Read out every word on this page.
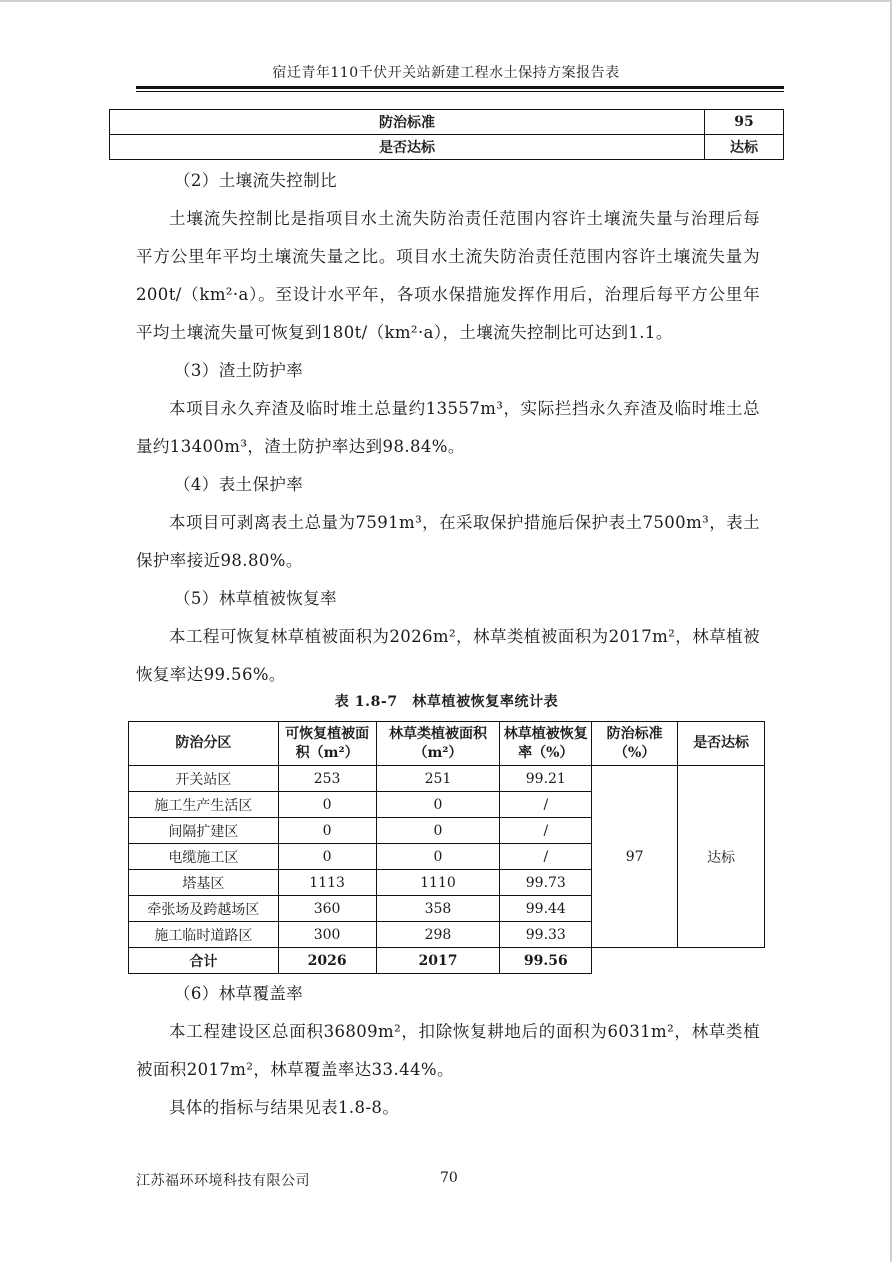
宿迁青年110千伏开关站新建工程水土保持方案报告表
防治标准	95
是否达标	达标

（2）土壤流失控制比

土壤流失控制比是指项目水土流失防治责任范围内容许土壤流失量与治理后每平方公里年平均土壤流失量之比。项目水土流失防治责任范围内容许土壤流失量为200t/（km²·a）。至设计水平年，各项水保措施发挥作用后，治理后每平方公里年平均土壤流失量可恢复到180t/（km²·a），土壤流失控制比可达到1.1。

（3）渣土防护率

本项目永久弃渣及临时堆土总量约13557m³，实际拦挡永久弃渣及临时堆土总量约13400m³，渣土防护率达到98.84%。

（4）表土保护率

本项目可剥离表土总量为7591m³，在采取保护措施后保护表土7500m³，表土保护率接近98.80%。

（5）林草植被恢复率

本工程可恢复林草植被面积为2026m²，林草类植被面积为2017m²，林草植被恢复率达99.56%。

表 1.8-7　林草植被恢复率统计表
防治分区	可恢复植被面积（m²）	林草类植被面积（m²）	林草植被恢复率（%）	防治标准（%）	是否达标
开关站区	253	251	99.21	97	达标
施工生产生活区	0	0	/		
间隔扩建区	0	0	/		
电缆施工区	0	0	/		
塔基区	1113	1110	99.73		
牵张场及跨越场区	360	358	99.44		
施工临时道路区	300	298	99.33		
合计	2026	2017	99.56		

（6）林草覆盖率

本工程建设区总面积36809m²，扣除恢复耕地后的面积为6031m²，林草类植被面积2017m²，林草覆盖率达33.44%。

具体的指标与结果见表1.8-8。

江苏福环环境科技有限公司	70
